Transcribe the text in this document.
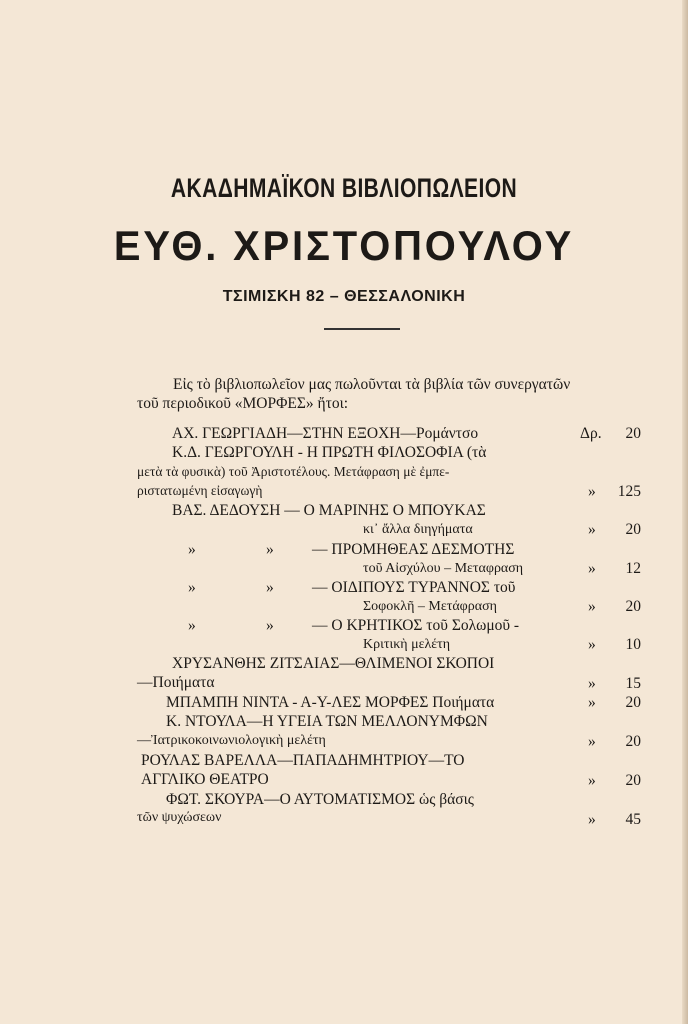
ΑΚΑΔΗΜΑΪΚΟΝ ΒΙΒΛΙΟΠΩΛΕΙΟΝ
ΕΥΘ. ΧΡΙΣΤΟΠΟΥΛΟΥ
ΤΣΙΜΙΣΚΗ 82 – ΘΕΣΣΑΛΟΝΙΚΗ
Εἰς τὸ βιβλιοπωλεῖον μας πωλοῦνται τὰ βιβλία τῶν συνεργατῶν
τοῦ περιοδικοῦ «ΜΟΡΦΕΣ» ἤτοι:
ΑΧ. ΓΕΩΡΓΙΑΔΗ—ΣΤΗΝ ΕΞΟΧΗ—Ρομάντσο	Δρ. 20
Κ.Δ. ΓΕΩΡΓΟΥΛΗ - Η ΠΡΩΤΗ ΦΙΛΟΣΟΦΙΑ (τὰ
μετὰ τὰ φυσικὰ) τοῦ Ἀριστοτέλους. Μετάφραση μὲ ἐμπε-
ριστατωμένη εἰσαγωγὴ	» 125
ΒΑΣ. ΔΕΔΟΥΣΗ — Ο ΜΑΡΙΝΗΣ Ο ΜΠΟΥΚΑΣ
κι᾿ ἄλλα διηγήματα	» 20
»	» — ΠΡΟΜΗΘΕΑΣ ΔΕΣΜΟΤΗΣ
τοῦ Αἰσχύλου – Μεταφραση	» 12
»	» — ΟΙΔΙΠΟΥΣ ΤΥΡΑΝΝΟΣ τοῦ
Σοφοκλῆ – Μετάφραση	» 20
»	» — Ο ΚΡΗΤΙΚΟΣ τοῦ Σολωμοῦ -
Κριτικὴ μελέτη	» 10
ΧΡΥΣΑΝΘΗΣ ΖΙΤΣΑΙΑΣ—ΘΛΙΜΕΝΟΙ ΣΚΟΠΟΙ
—Ποιήματα	» 15
ΜΠΑΜΠΗ ΝΙΝΤΑ - Α-Υ-ΛΕΣ ΜΟΡΦΕΣ Ποιήματα	» 20
Κ. ΝΤΟΥΛΑ—Η ΥΓΕΙΑ ΤΩΝ ΜΕΛΛΟΝΥΜΦΩΝ
—Ἰατρικοκοινωνιολογικὴ μελέτη	» 20
ΡΟΥΛΑΣ ΒΑΡΕΛΛΑ—ΠΑΠΑΔΗΜΗΤΡΙΟΥ—ΤΟ
ΑΓΓΛΙΚΟ ΘΕΑΤΡΟ	» 20
ΦΩΤ. ΣΚΟΥΡΑ—Ο ΑΥΤΟΜΑΤΙΣΜΟΣ ὡς βάσις
τῶν ψυχώσεων	» 45
